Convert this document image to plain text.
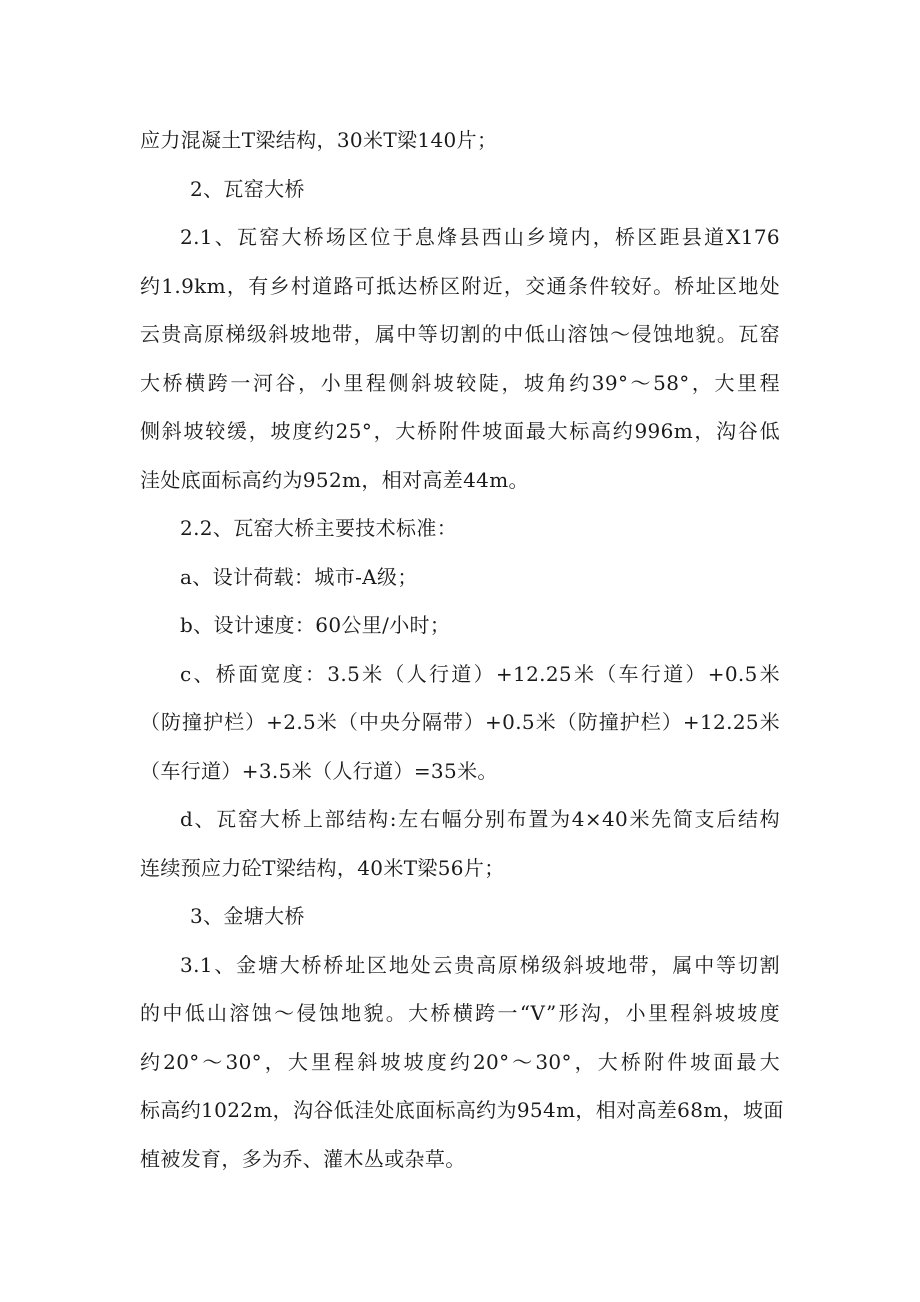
应力混凝土T梁结构，30米T梁140片；
2、瓦窑大桥
2.1、瓦窑大桥场区位于息烽县西山乡境内，桥区距县道X176
约1.9km，有乡村道路可抵达桥区附近，交通条件较好。桥址区地处
云贵高原梯级斜坡地带，属中等切割的中低山溶蚀～侵蚀地貌。瓦窑
大桥横跨一河谷，小里程侧斜坡较陡，坡角约39°～58°，大里程
侧斜坡较缓，坡度约25°，大桥附件坡面最大标高约996m，沟谷低
洼处底面标高约为952m，相对高差44m。
2.2、瓦窑大桥主要技术标准：
a、设计荷载：城市-A级；
b、设计速度：60公里/小时；
c、桥面宽度：3.5米（人行道）+12.25米（车行道）+0.5米
（防撞护栏）+2.5米（中央分隔带）+0.5米（防撞护栏）+12.25米
（车行道）+3.5米（人行道）=35米。
d、瓦窑大桥上部结构:左右幅分别布置为4×40米先简支后结构
连续预应力砼T梁结构，40米T梁56片；
3、金塘大桥
3.1、金塘大桥桥址区地处云贵高原梯级斜坡地带，属中等切割
的中低山溶蚀～侵蚀地貌。大桥横跨一“V”形沟，小里程斜坡坡度
约20°～30°，大里程斜坡坡度约20°～30°，大桥附件坡面最大
标高约1022m，沟谷低洼处底面标高约为954m，相对高差68m，坡面
植被发育，多为乔、灌木丛或杂草。
